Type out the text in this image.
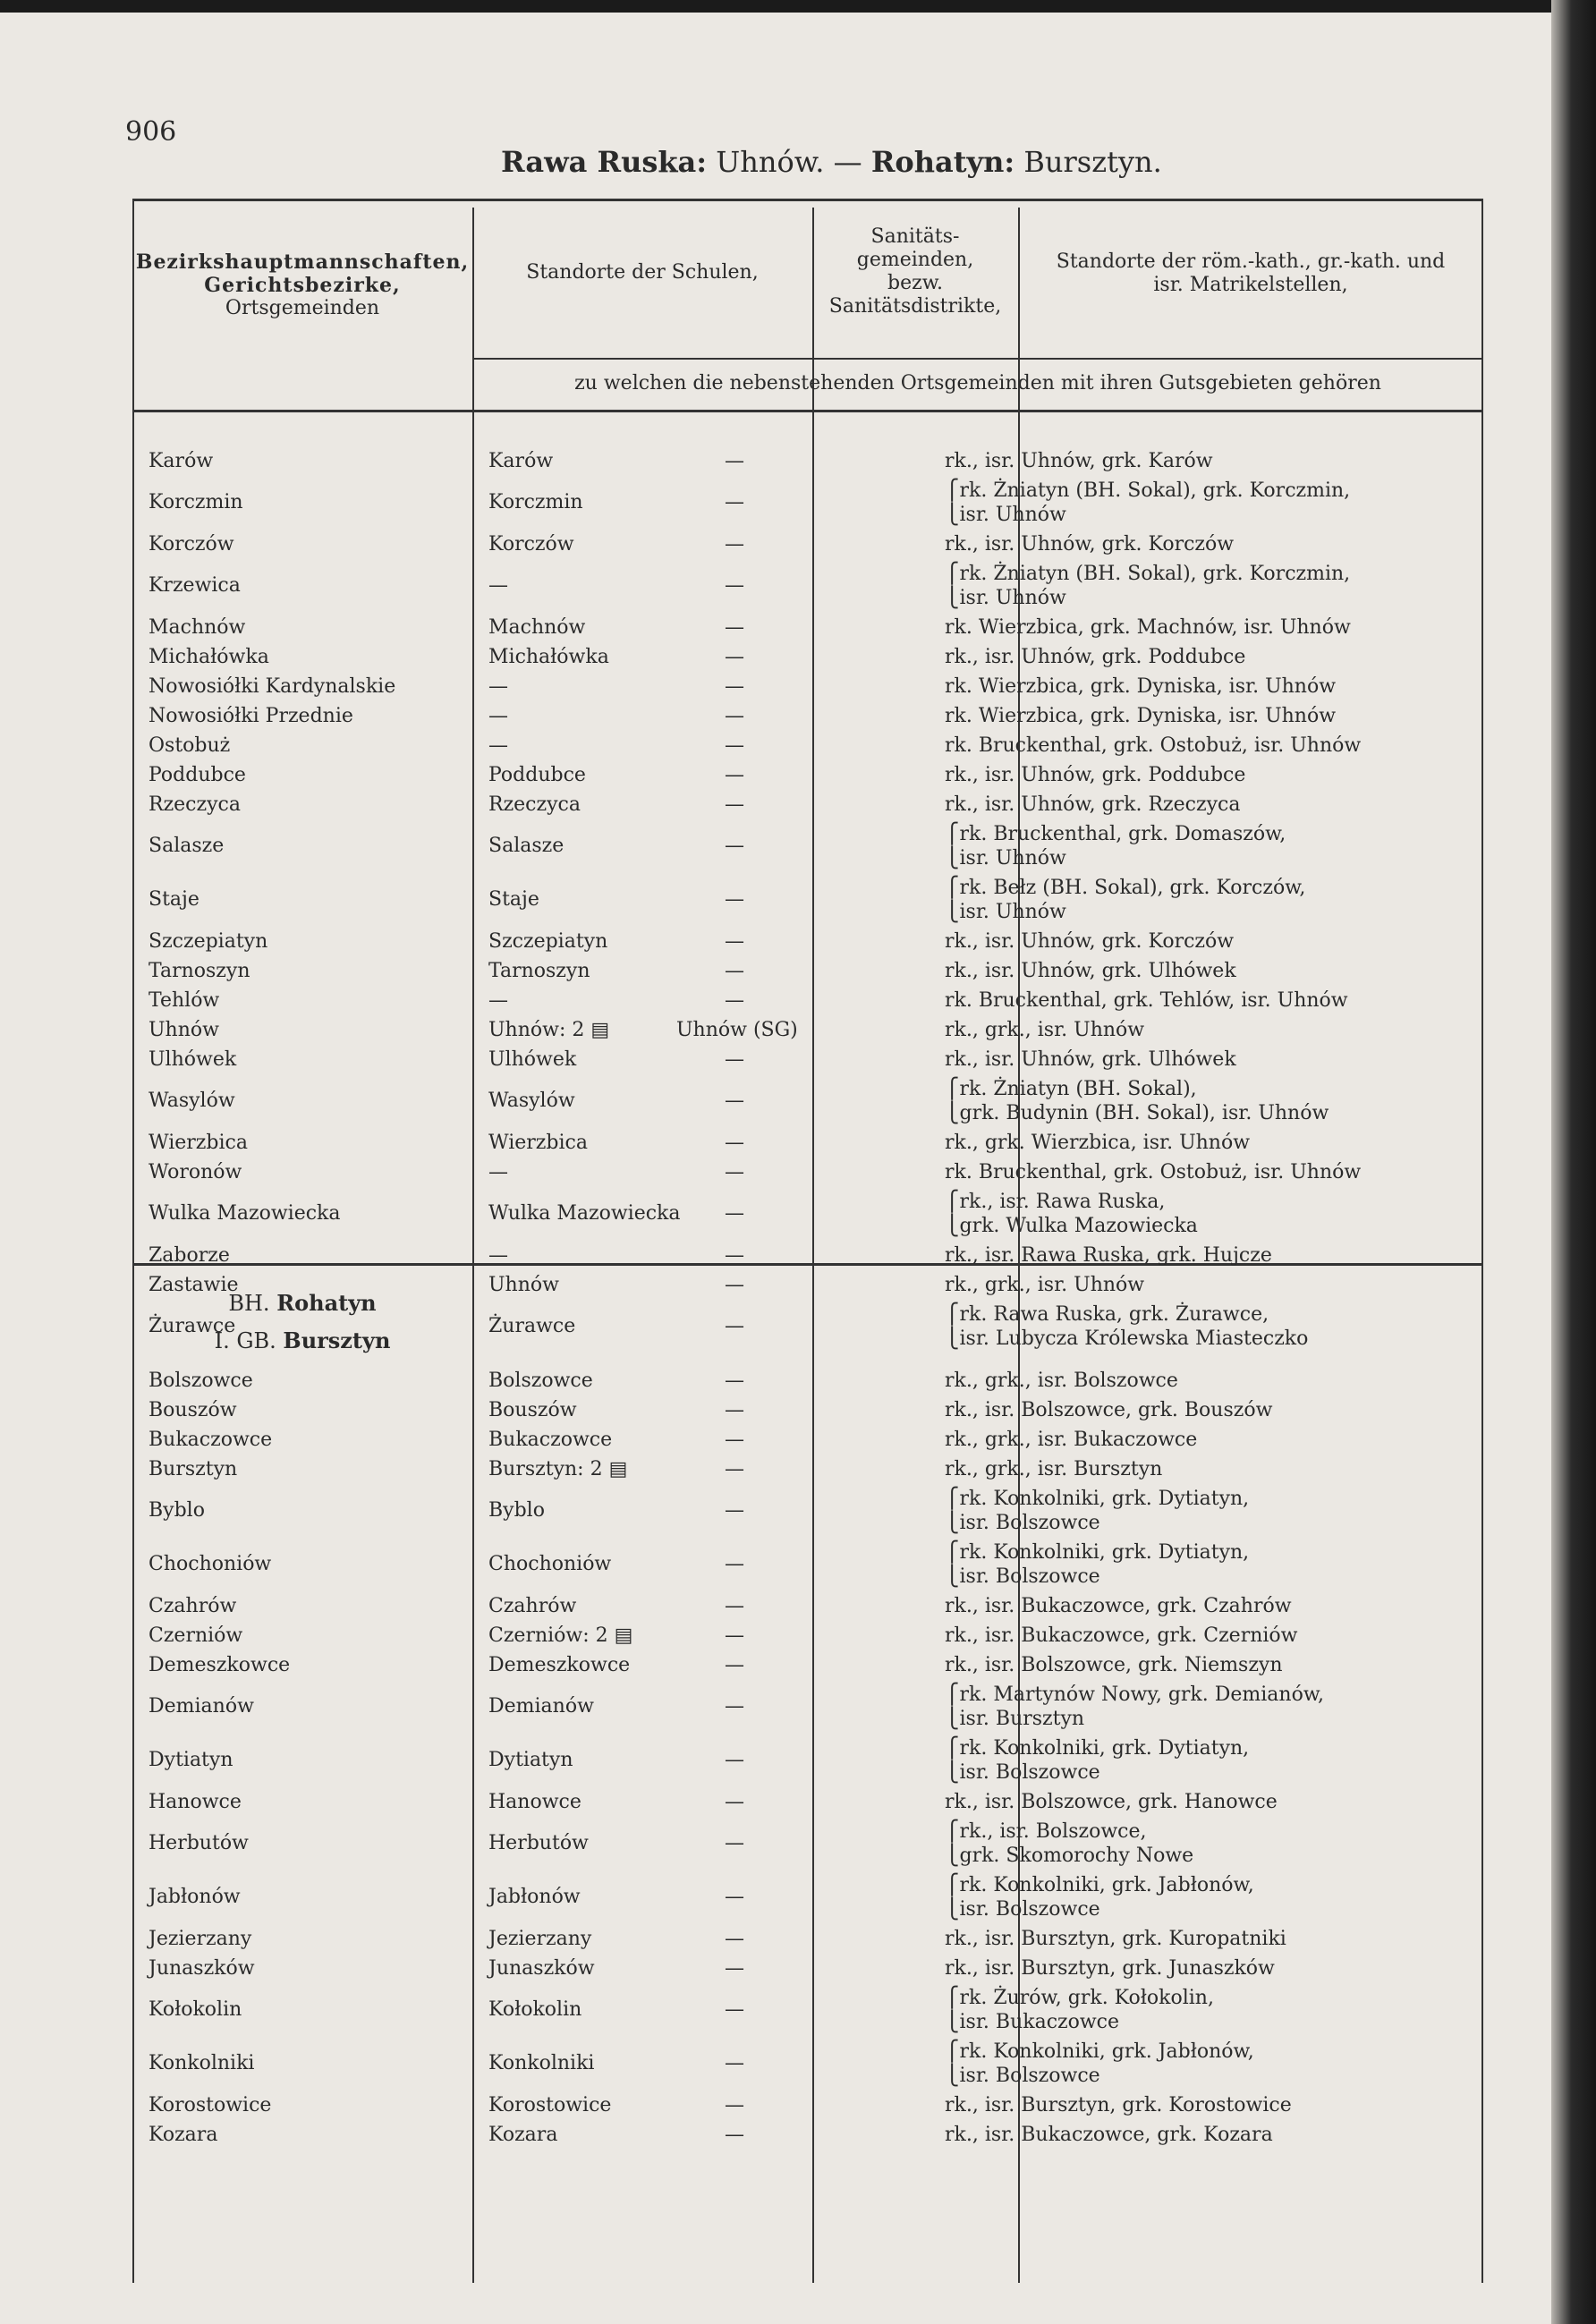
906
Rawa Ruska: Uhnów. — Rohatyn: Bursztyn.
Bezirkshauptmannschaften,
Gerichtsbezirke,
Ortsgemeinden
Standorte der Schulen,
Sanitäts-
gemeinden,
bezw.
Sanitätsdistrikte,
Standorte der röm.-kath., gr.-kath. und
isr. Matrikelstellen,
zu welchen die nebenstehenden Ortsgemeinden mit ihren Gutsgebieten gehören
Karów	Karów	—	rk., isr. Uhnów, grk. Karów
Korczmin	Korczmin	—
⎧rk. Żniatyn (BH. Sokal), grk. Korczmin,
⎩isr. Uhnów
Korczów	Korczów	—	rk., isr. Uhnów, grk. Korczów
Krzewica	—	—
⎧rk. Żniatyn (BH. Sokal), grk. Korczmin,
⎩isr. Uhnów
Machnów	Machnów	—	rk. Wierzbica, grk. Machnów, isr. Uhnów
Michałówka	Michałówka	—	rk., isr. Uhnów, grk. Poddubce
Nowosiółki Kardynalskie	—	—	rk. Wierzbica, grk. Dyniska, isr. Uhnów
Nowosiółki Przednie	—	—	rk. Wierzbica, grk. Dyniska, isr. Uhnów
Ostobuż	—	—	rk. Bruckenthal, grk. Ostobuż, isr. Uhnów
Poddubce	Poddubce	—	rk., isr. Uhnów, grk. Poddubce
Rzeczyca	Rzeczyca	—	rk., isr. Uhnów, grk. Rzeczyca
Salasze	Salasze	—
⎧rk. Bruckenthal, grk. Domaszów,
⎩isr. Uhnów
Staje	Staje	—
⎧rk. Bełz (BH. Sokal), grk. Korczów,
⎩isr. Uhnów
Szczepiatyn	Szczepiatyn	—	rk., isr. Uhnów, grk. Korczów
Tarnoszyn	Tarnoszyn	—	rk., isr. Uhnów, grk. Ulhówek
Tehlów	—	—	rk. Bruckenthal, grk. Tehlów, isr. Uhnów
Uhnów	Uhnów: 2 ▤	Uhnów (SG)	rk., grk., isr. Uhnów
Ulhówek	Ulhówek	—	rk., isr. Uhnów, grk. Ulhówek
Wasylów	Wasylów	—
⎧rk. Żniatyn (BH. Sokal),
⎩grk. Budynin (BH. Sokal), isr. Uhnów
Wierzbica	Wierzbica	—	rk., grk. Wierzbica, isr. Uhnów
Woronów	—	—	rk. Bruckenthal, grk. Ostobuż, isr. Uhnów
Wulka Mazowiecka	Wulka Mazowiecka	—
⎧rk., isr. Rawa Ruska,
⎩grk. Wulka Mazowiecka
Zaborze	—	—	rk., isr. Rawa Ruska, grk. Hujcze
Zastawie	Uhnów	—	rk., grk., isr. Uhnów
Żurawce	Żurawce	—
⎧rk. Rawa Ruska, grk. Żurawce,
⎩isr. Lubycza Królewska Miasteczko
BH. Rohatyn
I. GB. Bursztyn
Bolszowce	Bolszowce	—	rk., grk., isr. Bolszowce
Bouszów	Bouszów	—	rk., isr. Bolszowce, grk. Bouszów
Bukaczowce	Bukaczowce	—	rk., grk., isr. Bukaczowce
Bursztyn	Bursztyn: 2 ▤	—	rk., grk., isr. Bursztyn
Byblo	Byblo	—
⎧rk. Konkolniki, grk. Dytiatyn,
⎩isr. Bolszowce
Chochoniów	Chochoniów	—
⎧rk. Konkolniki, grk. Dytiatyn,
⎩isr. Bolszowce
Czahrów	Czahrów	—	rk., isr. Bukaczowce, grk. Czahrów
Czerniów	Czerniów: 2 ▤	—	rk., isr. Bukaczowce, grk. Czerniów
Demeszkowce	Demeszkowce	—	rk., isr. Bolszowce, grk. Niemszyn
Demianów	Demianów	—
⎧rk. Martynów Nowy, grk. Demianów,
⎩isr. Bursztyn
Dytiatyn	Dytiatyn	—
⎧rk. Konkolniki, grk. Dytiatyn,
⎩isr. Bolszowce
Hanowce	Hanowce	—	rk., isr. Bolszowce, grk. Hanowce
Herbutów	Herbutów	—
⎧rk., isr. Bolszowce,
⎩grk. Skomorochy Nowe
Jabłonów	Jabłonów	—
⎧rk. Konkolniki, grk. Jabłonów,
⎩isr. Bolszowce
Jezierzany	Jezierzany	—	rk., isr. Bursztyn, grk. Kuropatniki
Junaszków	Junaszków	—	rk., isr. Bursztyn, grk. Junaszków
Kołokolin	Kołokolin	—
⎧rk. Żurów, grk. Kołokolin,
⎩isr. Bukaczowce
Konkolniki	Konkolniki	—
⎧rk. Konkolniki, grk. Jabłonów,
⎩isr. Bolszowce
Korostowice	Korostowice	—	rk., isr. Bursztyn, grk. Korostowice
Kozara	Kozara	—	rk., isr. Bukaczowce, grk. Kozara
